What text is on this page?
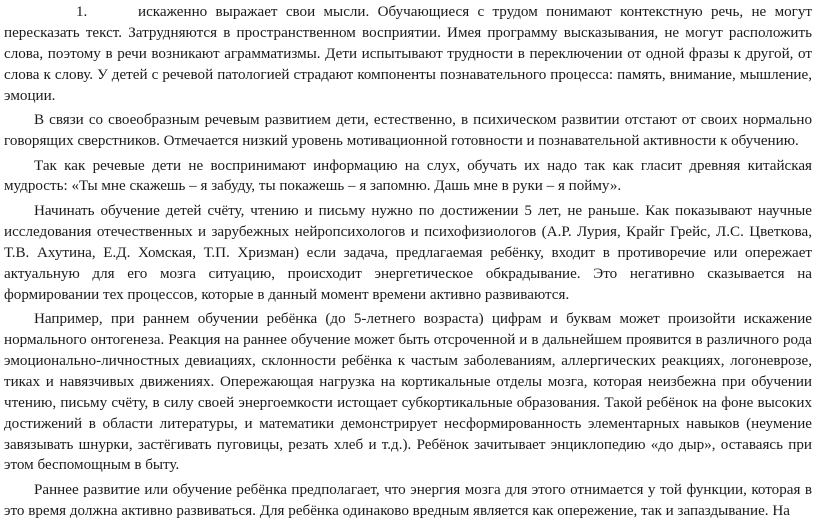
1.	искаженно выражает свои мысли. Обучающиеся с трудом понимают контекстную речь, не могут пересказать текст. Затрудняются в пространственном восприятии. Имея программу высказывания, не могут расположить слова, поэтому в речи возникают аграмматизмы. Дети испытывают трудности в переключении от одной фразы к другой, от слова к слову. У детей с речевой патологией страдают компоненты познавательного процесса: память, внимание, мышление, эмоции.

В связи со своеобразным речевым развитием дети, естественно, в психическом развитии отстают от своих нормально говорящих сверстников. Отмечается низкий уровень мотивационной готовности и познавательной активности к обучению.

Так как речевые дети не воспринимают информацию на слух, обучать их надо так как гласит древняя китайская мудрость: «Ты мне скажешь – я забуду, ты покажешь – я запомню. Дашь мне в руки – я пойму».

Начинать обучение детей счёту, чтению и письму нужно по достижении 5 лет, не раньше. Как показывают научные исследования отечественных и зарубежных нейропсихологов и психофизиологов (А.Р. Лурия, Крайг Грейс, Л.С. Цветкова, Т.В. Ахутина, Е.Д. Хомская, Т.П. Хризман) если задача, предлагаемая ребёнку, входит в противоречие или опережает актуальную для его мозга ситуацию, происходит энергетическое обкрадывание. Это негативно сказывается на формировании тех процессов, которые в данный момент времени активно развиваются.

Например, при раннем обучении ребёнка (до 5-летнего возраста) цифрам и буквам может произойти искажение нормального онтогенеза. Реакция на раннее обучение может быть отсроченной и в дальнейшем проявится в различного рода эмоционально-личностных девиациях, склонности ребёнка к частым заболеваниям, аллергических реакциях, логоневрозе, тиках и навязчивых движениях. Опережающая нагрузка на кортикальные отделы мозга, которая неизбежна при обучении чтению, письму счёту, в силу своей энергоемкости истощает субкортикальные образования. Такой ребёнок на фоне высоких достижений в области литературы, и математики демонстрирует несформированность элементарных навыков (неумение завязывать шнурки, застёгивать пуговицы, резать хлеб и т.д.). Ребёнок зачитывает энциклопедию «до дыр», оставаясь при этом беспомощным в быту.

Раннее развитие или обучение ребёнка предполагает, что энергия мозга для этого отнимается у той функции, которая в это время должна активно развиваться. Для ребёнка одинаково вредным является как опережение, так и запаздывание. На
